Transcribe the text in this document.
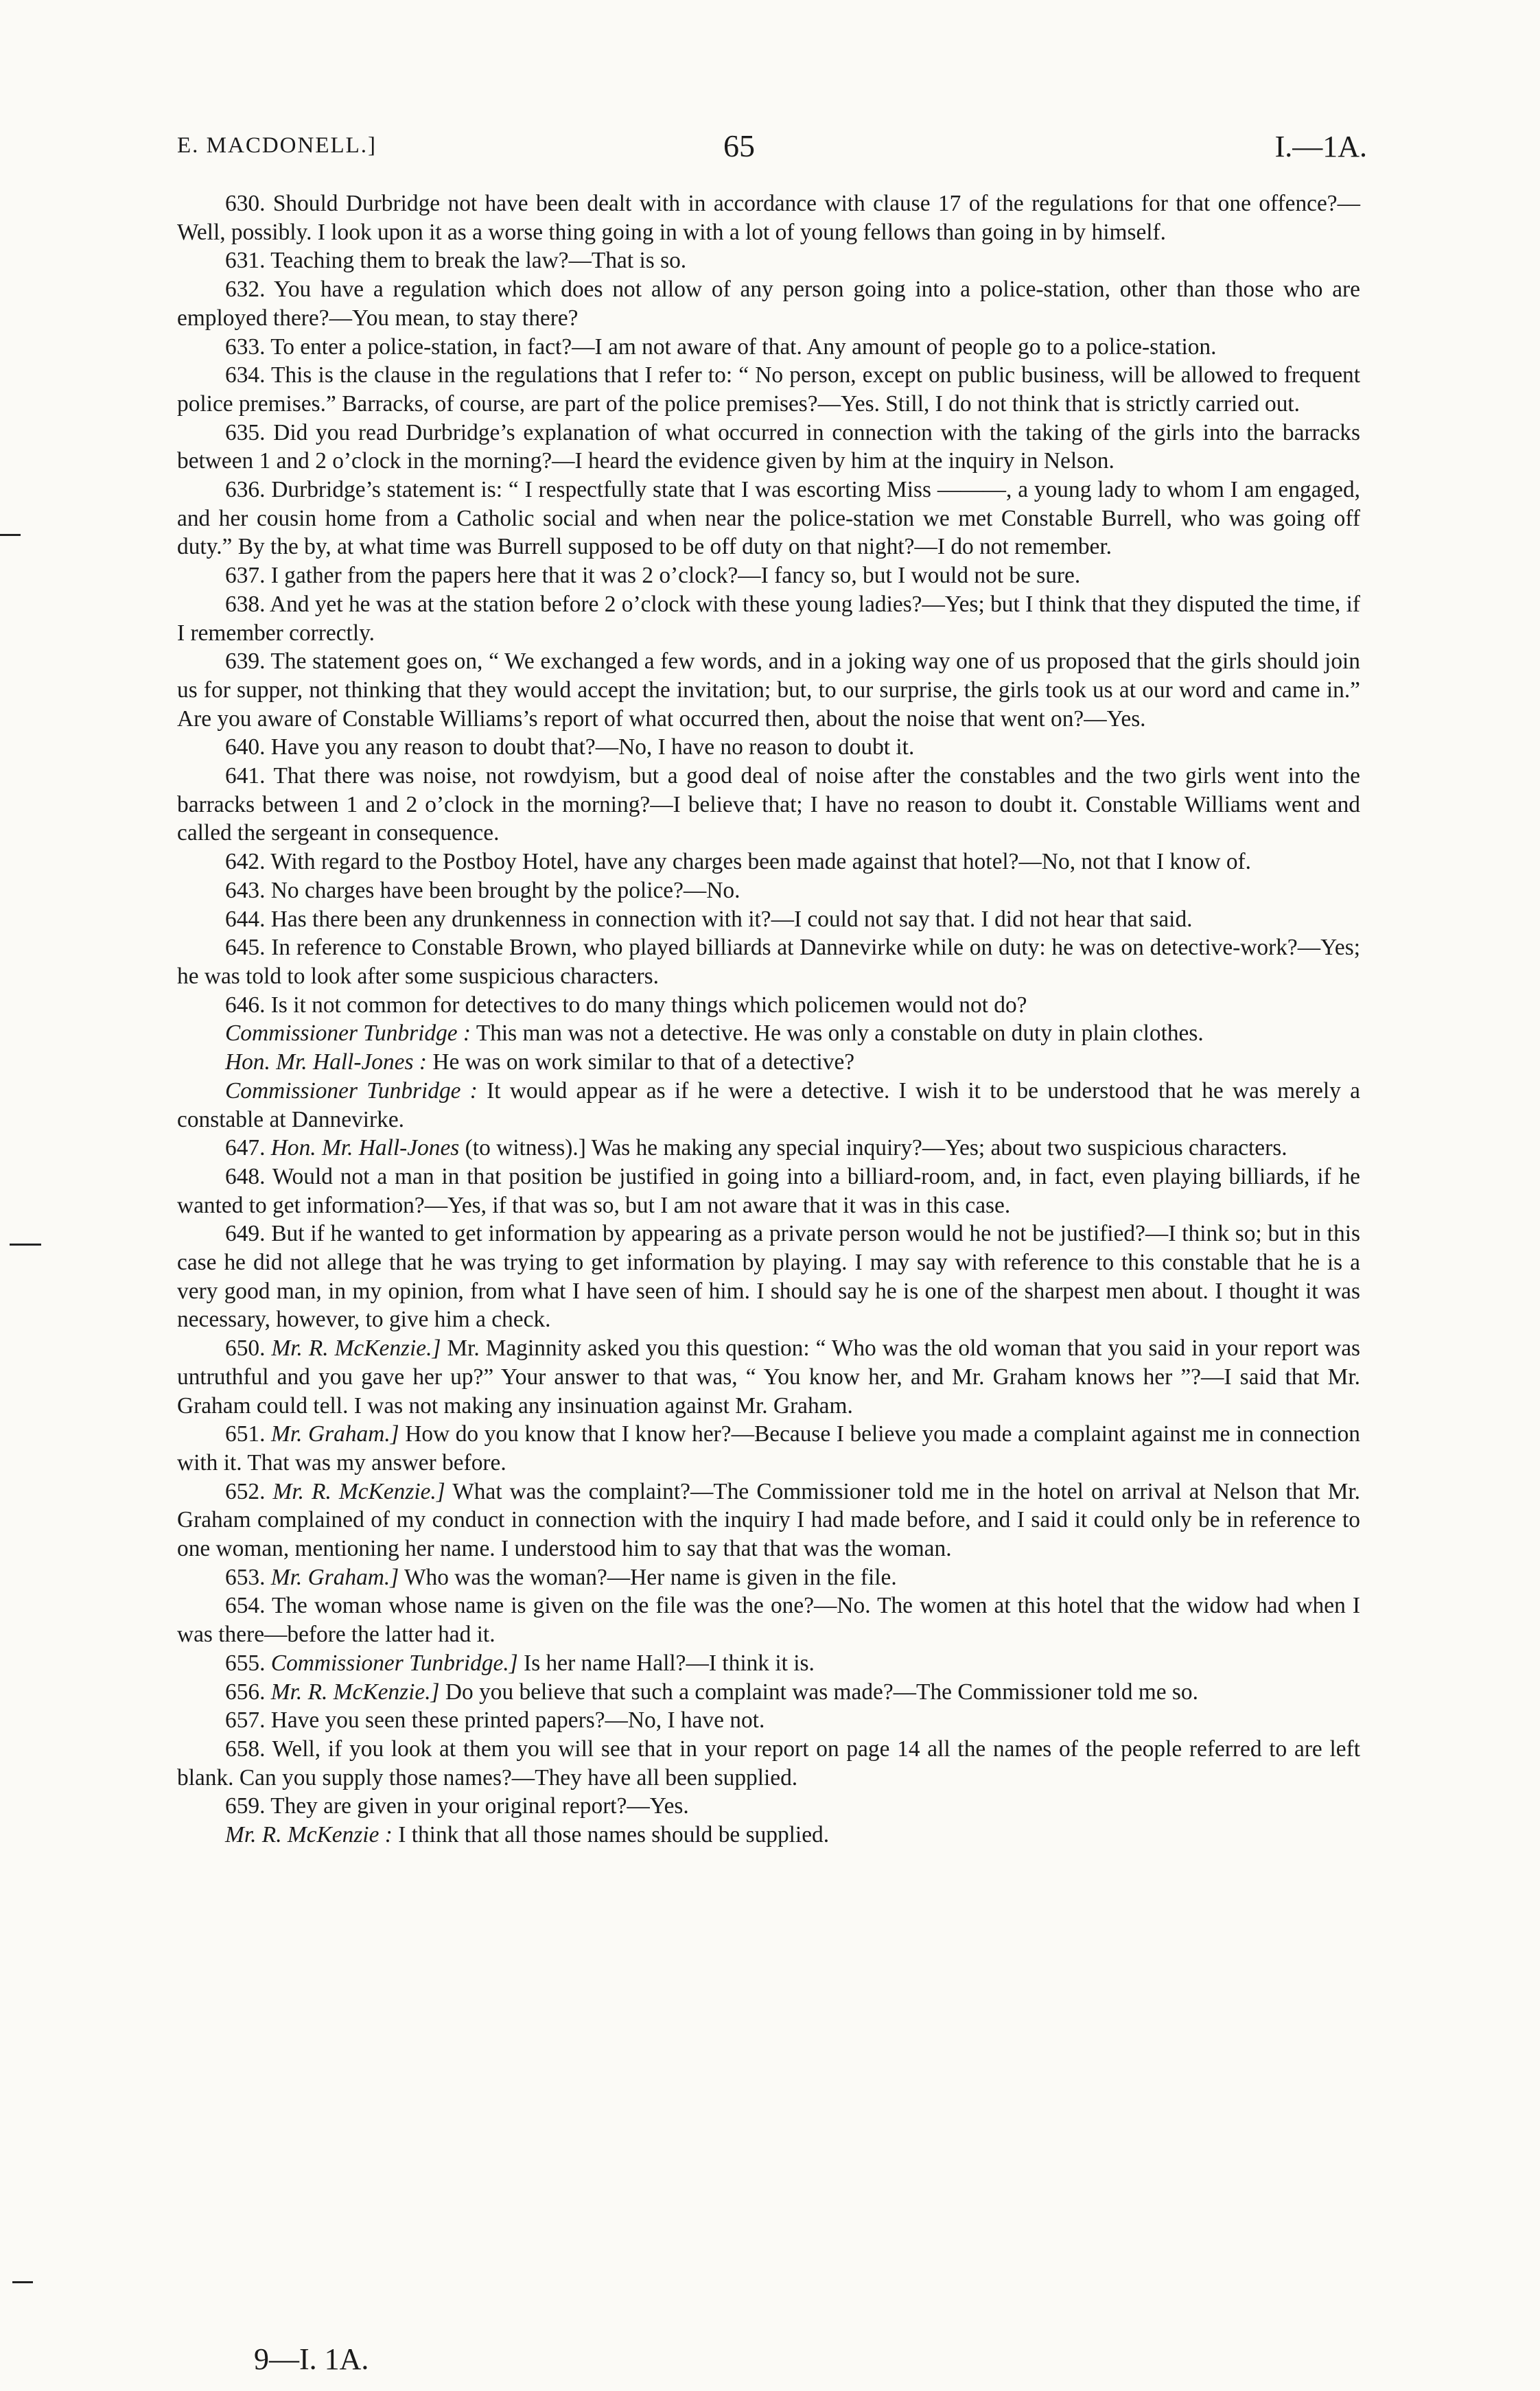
E. MACDONELL.]	65	I.—1A.

630. Should Durbridge not have been dealt with in accordance with clause 17 of the regulations for that one offence?—Well, possibly. I look upon it as a worse thing going in with a lot of young fellows than going in by himself.

631. Teaching them to break the law?—That is so.

632. You have a regulation which does not allow of any person going into a police-station, other than those who are employed there?—You mean, to stay there?

633. To enter a police-station, in fact?—I am not aware of that. Any amount of people go to a police-station.

634. This is the clause in the regulations that I refer to: “ No person, except on public business, will be allowed to frequent police premises.” Barracks, of course, are part of the police premises?—Yes. Still, I do not think that is strictly carried out.

635. Did you read Durbridge’s explanation of what occurred in connection with the taking of the girls into the barracks between 1 and 2 o’clock in the morning?—I heard the evidence given by him at the inquiry in Nelson.

636. Durbridge’s statement is: “ I respectfully state that I was escorting Miss ———, a young lady to whom I am engaged, and her cousin home from a Catholic social and when near the police-station we met Constable Burrell, who was going off duty.” By the by, at what time was Burrell supposed to be off duty on that night?—I do not remember.

637. I gather from the papers here that it was 2 o’clock?—I fancy so, but I would not be sure.

638. And yet he was at the station before 2 o’clock with these young ladies?—Yes; but I think that they disputed the time, if I remember correctly.

639. The statement goes on, “ We exchanged a few words, and in a joking way one of us proposed that the girls should join us for supper, not thinking that they would accept the invitation; but, to our surprise, the girls took us at our word and came in.” Are you aware of Constable Williams’s report of what occurred then, about the noise that went on?—Yes.

640. Have you any reason to doubt that?—No, I have no reason to doubt it.

641. That there was noise, not rowdyism, but a good deal of noise after the constables and the two girls went into the barracks between 1 and 2 o’clock in the morning?—I believe that; I have no reason to doubt it. Constable Williams went and called the sergeant in consequence.

642. With regard to the Postboy Hotel, have any charges been made against that hotel?—No, not that I know of.

643. No charges have been brought by the police?—No.

644. Has there been any drunkenness in connection with it?—I could not say that. I did not hear that said.

645. In reference to Constable Brown, who played billiards at Dannevirke while on duty: he was on detective-work?—Yes; he was told to look after some suspicious characters.

646. Is it not common for detectives to do many things which policemen would not do?

Commissioner Tunbridge : This man was not a detective. He was only a constable on duty in plain clothes.

Hon. Mr. Hall-Jones : He was on work similar to that of a detective?

Commissioner Tunbridge : It would appear as if he were a detective. I wish it to be understood that he was merely a constable at Dannevirke.

647. Hon. Mr. Hall-Jones (to witness).] Was he making any special inquiry?—Yes; about two suspicious characters.

648. Would not a man in that position be justified in going into a billiard-room, and, in fact, even playing billiards, if he wanted to get information?—Yes, if that was so, but I am not aware that it was in this case.

649. But if he wanted to get information by appearing as a private person would he not be justified?—I think so; but in this case he did not allege that he was trying to get information by playing. I may say with reference to this constable that he is a very good man, in my opinion, from what I have seen of him. I should say he is one of the sharpest men about. I thought it was necessary, however, to give him a check.

650. Mr. R. McKenzie.] Mr. Maginnity asked you this question: “ Who was the old woman that you said in your report was untruthful and you gave her up?” Your answer to that was, “ You know her, and Mr. Graham knows her ”?—I said that Mr. Graham could tell. I was not making any insinuation against Mr. Graham.

651. Mr. Graham.] How do you know that I know her?—Because I believe you made a complaint against me in connection with it. That was my answer before.

652. Mr. R. McKenzie.] What was the complaint?—The Commissioner told me in the hotel on arrival at Nelson that Mr. Graham complained of my conduct in connection with the inquiry I had made before, and I said it could only be in reference to one woman, mentioning her name. I understood him to say that that was the woman.

653. Mr. Graham.] Who was the woman?—Her name is given in the file.

654. The woman whose name is given on the file was the one?—No. The women at this hotel that the widow had when I was there—before the latter had it.

655. Commissioner Tunbridge.] Is her name Hall?—I think it is.

656. Mr. R. McKenzie.] Do you believe that such a complaint was made?—The Commissioner told me so.

657. Have you seen these printed papers?—No, I have not.

658. Well, if you look at them you will see that in your report on page 14 all the names of the people referred to are left blank. Can you supply those names?—They have all been supplied.

659. They are given in your original report?—Yes.

Mr. R. McKenzie : I think that all those names should be supplied.

9—I. 1A.
